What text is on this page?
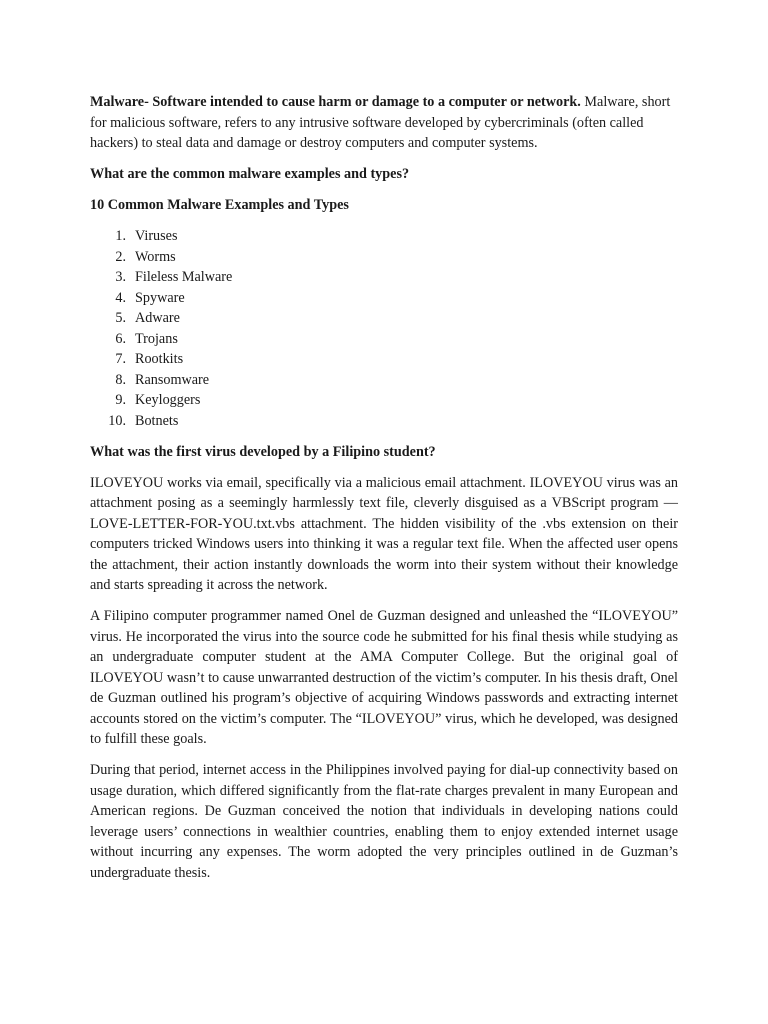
Malware- Software intended to cause harm or damage to a computer or network. Malware, short for malicious software, refers to any intrusive software developed by cybercriminals (often called hackers) to steal data and damage or destroy computers and computer systems.

What are the common malware examples and types?

10 Common Malware Examples and Types

1. Viruses
2. Worms
3. Fileless Malware
4. Spyware
5. Adware
6. Trojans
7. Rootkits
8. Ransomware
9. Keyloggers
10. Botnets

What was the first virus developed by a Filipino student?

ILOVEYOU works via email, specifically via a malicious email attachment. ILOVEYOU virus was an attachment posing as a seemingly harmlessly text file, cleverly disguised as a VBScript program — LOVE-LETTER-FOR-YOU.txt.vbs attachment. The hidden visibility of the .vbs extension on their computers tricked Windows users into thinking it was a regular text file. When the affected user opens the attachment, their action instantly downloads the worm into their system without their knowledge and starts spreading it across the network.

A Filipino computer programmer named Onel de Guzman designed and unleashed the “ILOVEYOU” virus. He incorporated the virus into the source code he submitted for his final thesis while studying as an undergraduate computer student at the AMA Computer College. But the original goal of ILOVEYOU wasn’t to cause unwarranted destruction of the victim’s computer. In his thesis draft, Onel de Guzman outlined his program’s objective of acquiring Windows passwords and extracting internet accounts stored on the victim’s computer. The “ILOVEYOU” virus, which he developed, was designed to fulfill these goals.

During that period, internet access in the Philippines involved paying for dial-up connectivity based on usage duration, which differed significantly from the flat-rate charges prevalent in many European and American regions. De Guzman conceived the notion that individuals in developing nations could leverage users’ connections in wealthier countries, enabling them to enjoy extended internet usage without incurring any expenses. The worm adopted the very principles outlined in de Guzman’s undergraduate thesis.
